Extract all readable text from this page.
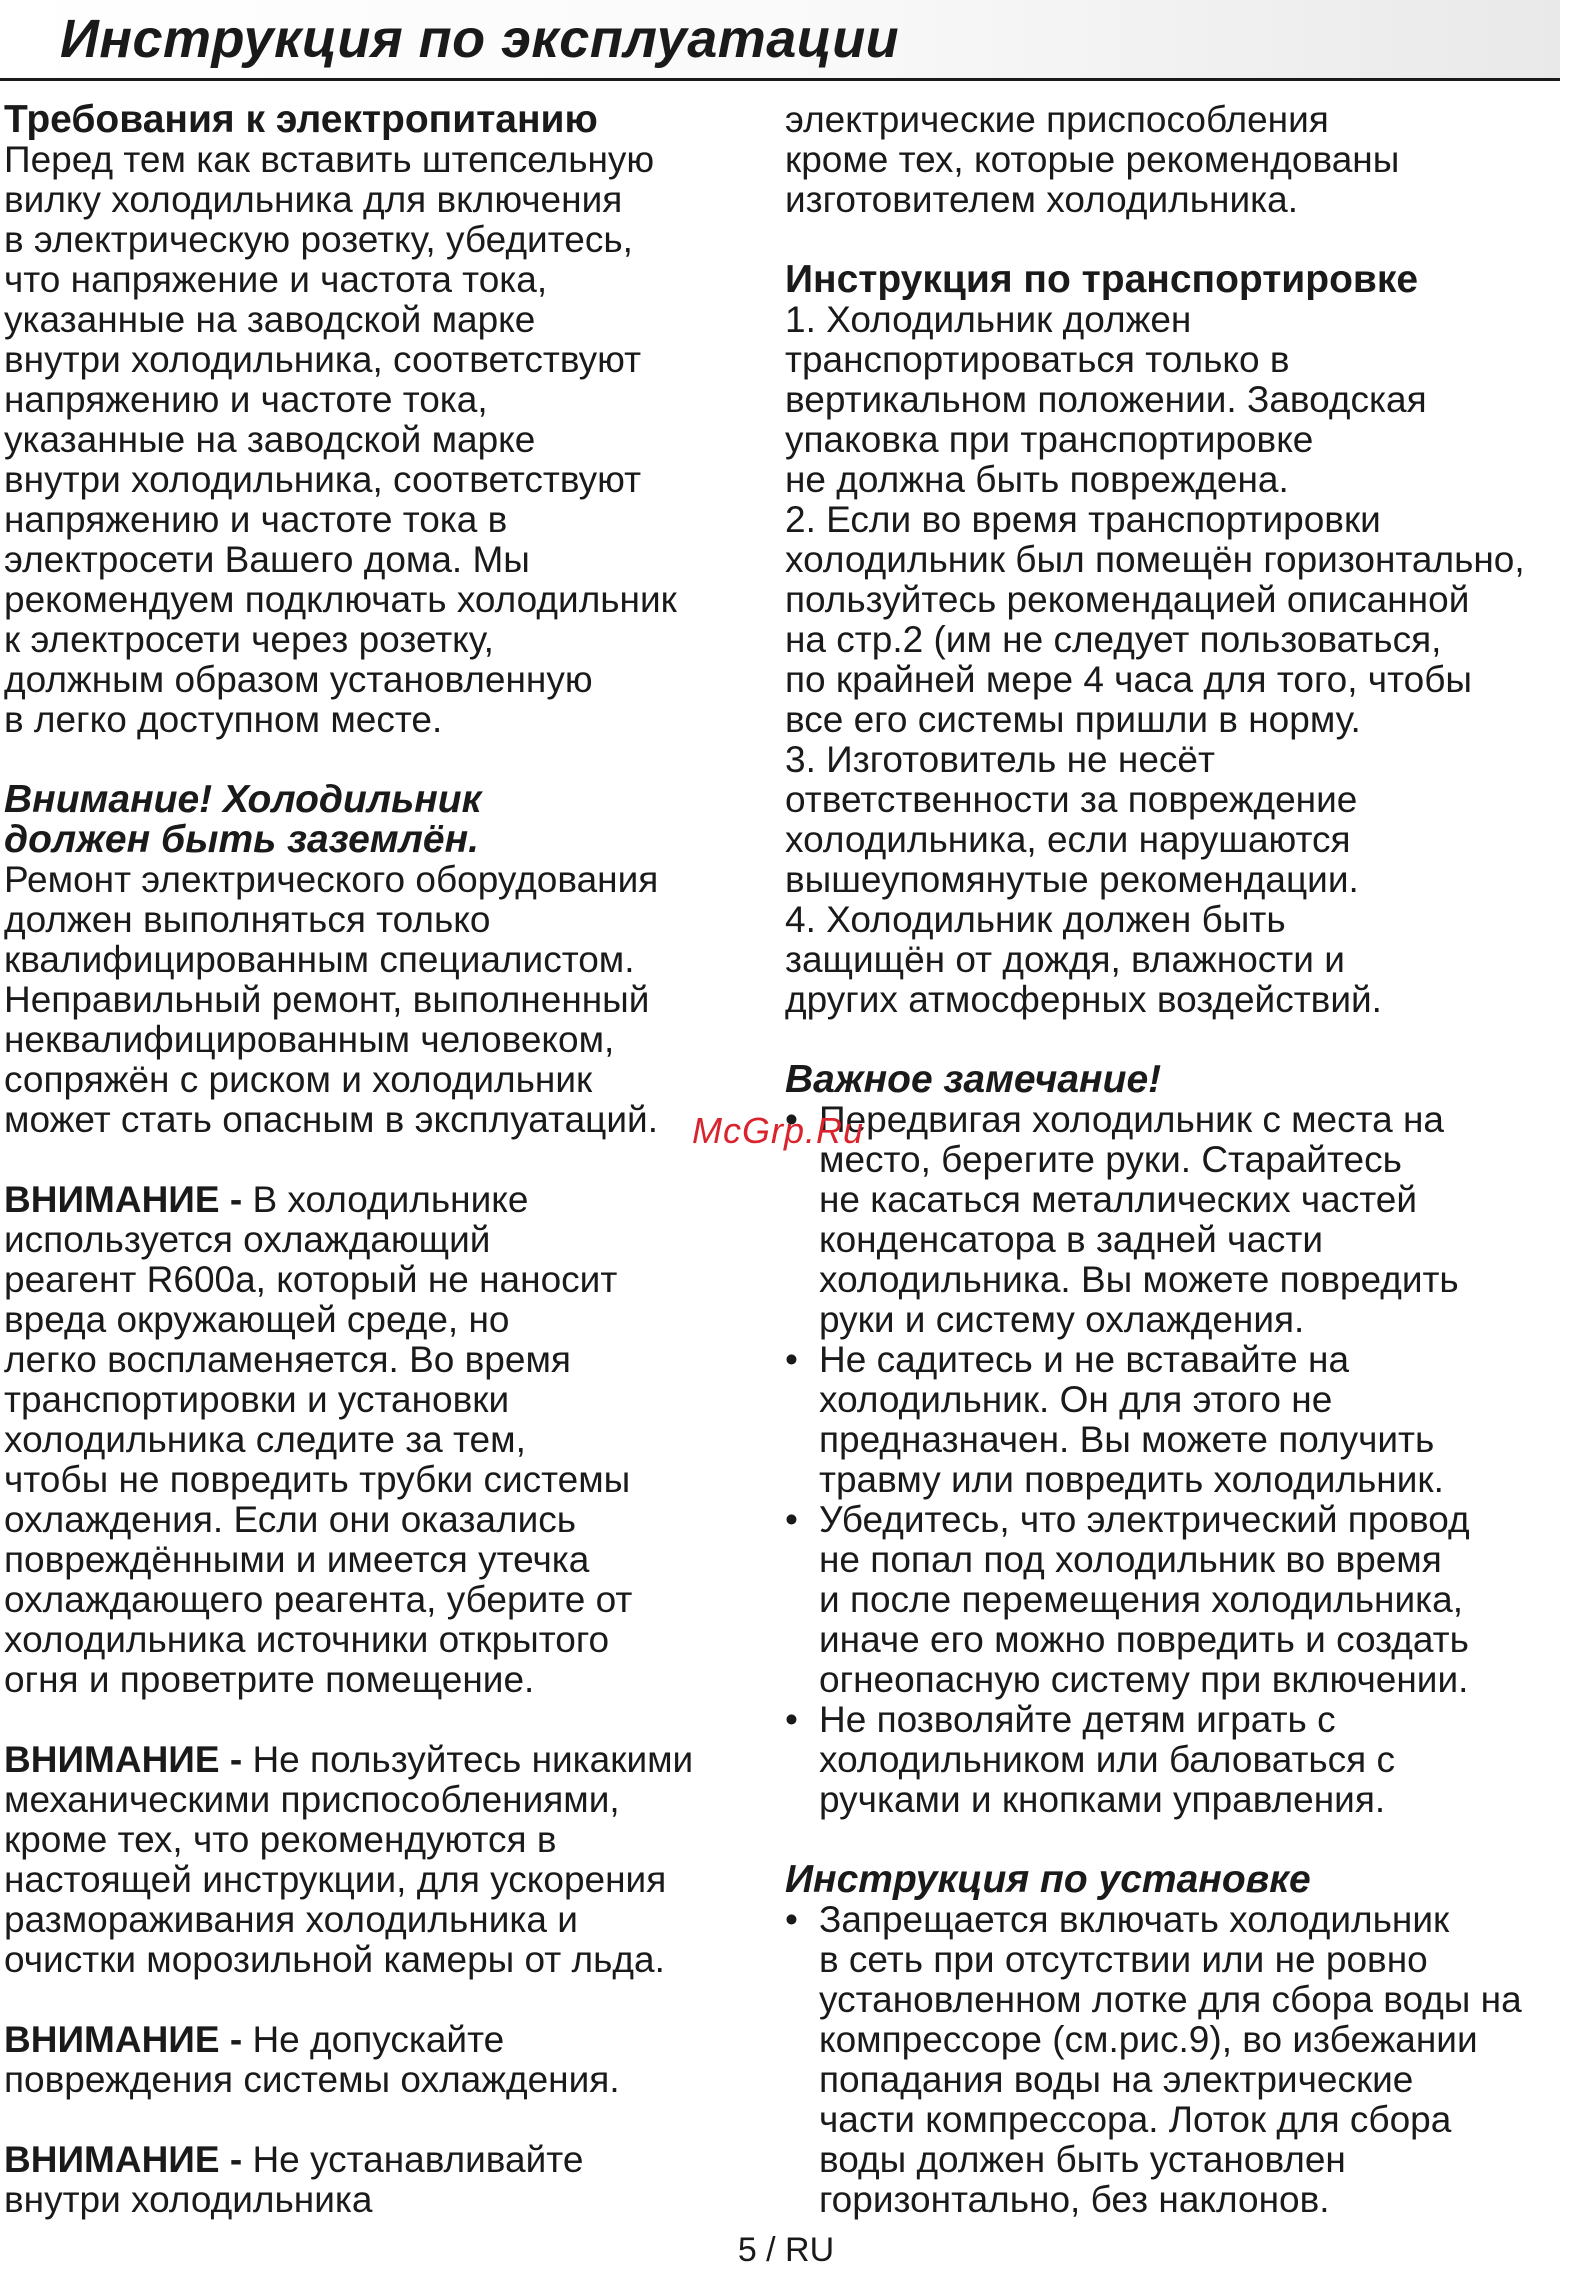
Инструкция по эксплуатации
Требования к электропитанию
Перед тем как вставить штепсельную
вилку холодильника для включения
в электрическую розетку, убедитесь,
что напряжение и частота тока,
указанные на заводской марке
внутри холодильника, соответствуют
напряжению и частоте тока,
указанные на заводской марке
внутри холодильника, соответствуют
напряжению и частоте тока в
электросети Вашего дома. Мы
рекомендуем подключать холодильник
к электросети через розетку,
должным образом установленную
в легко доступном месте.
Внимание! Холодильник
должен быть заземлён.
Ремонт электрического оборудования
должен выполняться только
квалифицированным специалистом.
Неправильный ремонт, выполненный
неквалифицированным человеком,
сопряжён с риском и холодильник
может стать опасным в эксплуатаций.
ВНИМАНИЕ - В холодильнике
используется охлаждающий
реагент R600a, который не наносит
вреда окружающей среде, но
легко воспламеняется. Во время
транспортировки и установки
холодильника следите за тем,
чтобы не повредить трубки системы
охлаждения. Если они оказались
повреждёнными и имеется утечка
охлаждающего реагента, уберите от
холодильника источники открытого
огня и проветрите помещение.
ВНИМАНИЕ - Не пользуйтесь никакими
механическими приспособлениями,
кроме тех, что рекомендуются в
настоящей инструкции, для ускорения
размораживания холодильника и
очистки морозильной камеры от льда.
ВНИМАНИЕ - Не допускайте
повреждения системы охлаждения.
ВНИМАНИЕ - Не устанавливайте
внутри холодильника
электрические приспособления
кроме тех, которые рекомендованы
изготовителем холодильника.
Инструкция по транспортировке
1. Холодильник должен
транспортироваться только в
вертикальном положении. Заводская
упаковка при транспортировке
не должна быть повреждена.
2. Если во время транспортировки
холодильник был помещён горизонтально,
пользуйтесь рекомендацией описанной
на стр.2 (им не следует пользоваться,
по крайней мере 4 часа для того, чтобы
все его системы пришли в норму.
3. Изготовитель не несёт
ответственности за повреждение
холодильника, если нарушаются
вышеупомянутые рекомендации.
4. Холодильник должен быть
защищён от дождя, влажности и
других атмосферных воздействий.
Важное замечание!
• Передвигая холодильник с места на
место, берегите руки. Старайтесь
не касаться металлических частей
конденсатора в задней части
холодильника. Вы можете повредить
руки и систему охлаждения.
• Не садитесь и не вставайте на
холодильник. Он для этого не
предназначен. Вы можете получить
травму или повредить холодильник.
• Убедитесь, что электрический провод
не попал под холодильник во время
и после перемещения холодильника,
иначе его можно повредить и создать
огнеопасную систему при включении.
• Не позволяйте детям играть с
холодильником или баловаться с
ручками и кнопками управления.
Инструкция по установке
• Запрещается включать холодильник
в сеть при отсутствии или не ровно
установленном лотке для сбора воды на
компрессоре (см.рис.9), во избежании
попадания воды на электрические
части компрессора. Лоток для сбора
воды должен быть установлен
горизонтально, без наклонов.
McGrp.Ru
5 / RU
